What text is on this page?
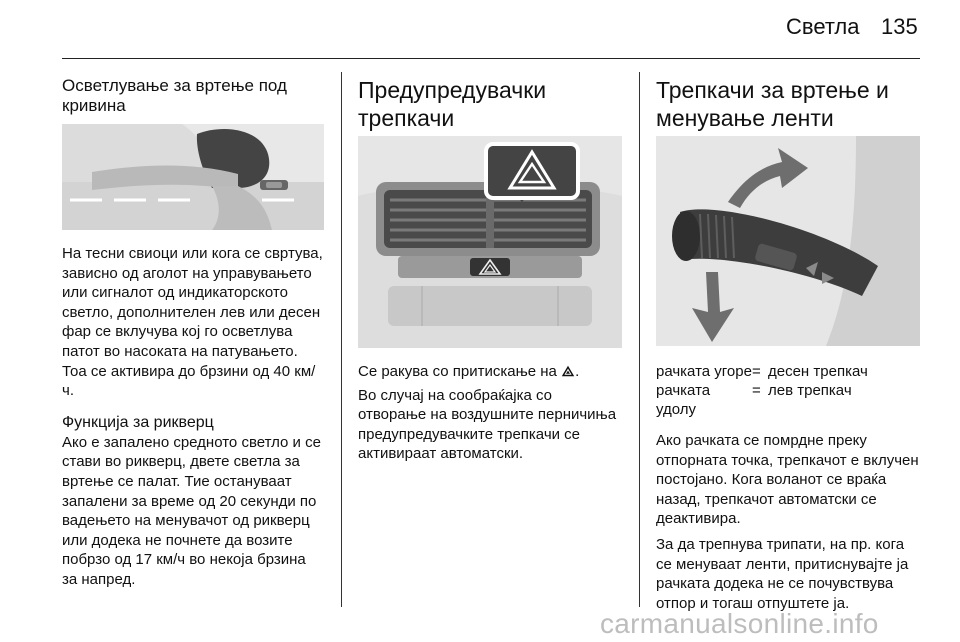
Светла 135
Осветлување за вртење под кривина

На тесни свиоци или кога се свртува, зависно од аголот на управувањето или сигналот од индикаторското светло, дополнителен лев или десен фар се вклучува кој го осветлува патот во насоката на патувањето. Тоа се активира до брзини од 40 км/ч.

Функција за рикверц

Ако е запалено средното светло и се стави во рикверц, двете светла за вртење се палат. Тие остануваат запалени за време од 20 секунди по вадењето на менувачот од рикверц или додека не почнете да возите побрзо од 17 км/ч во некоја брзина за напред.

Предупредувачки трепкачи

Се ракува со притискање на .

Во случај на сообраќајка со отворање на воздушните перничиња предупредувачките трепкачи се активираат автоматски.

Трепкачи за вртење и менување ленти
рачката угоре	=	десен трепкач
рачката удолу	=	лев трепкач

Ако рачката се помрдне преку отпорната точка, трепкачот е вклучен постојано. Кога воланот се враќа назад, трепкачот автоматски се деактивира.

За да трепнува трипати, на пр. кога се менуваат ленти, притиснувајте ја рачката додека не се почувствува отпор и тогаш отпуштете ја.

carmanualsonline.info
